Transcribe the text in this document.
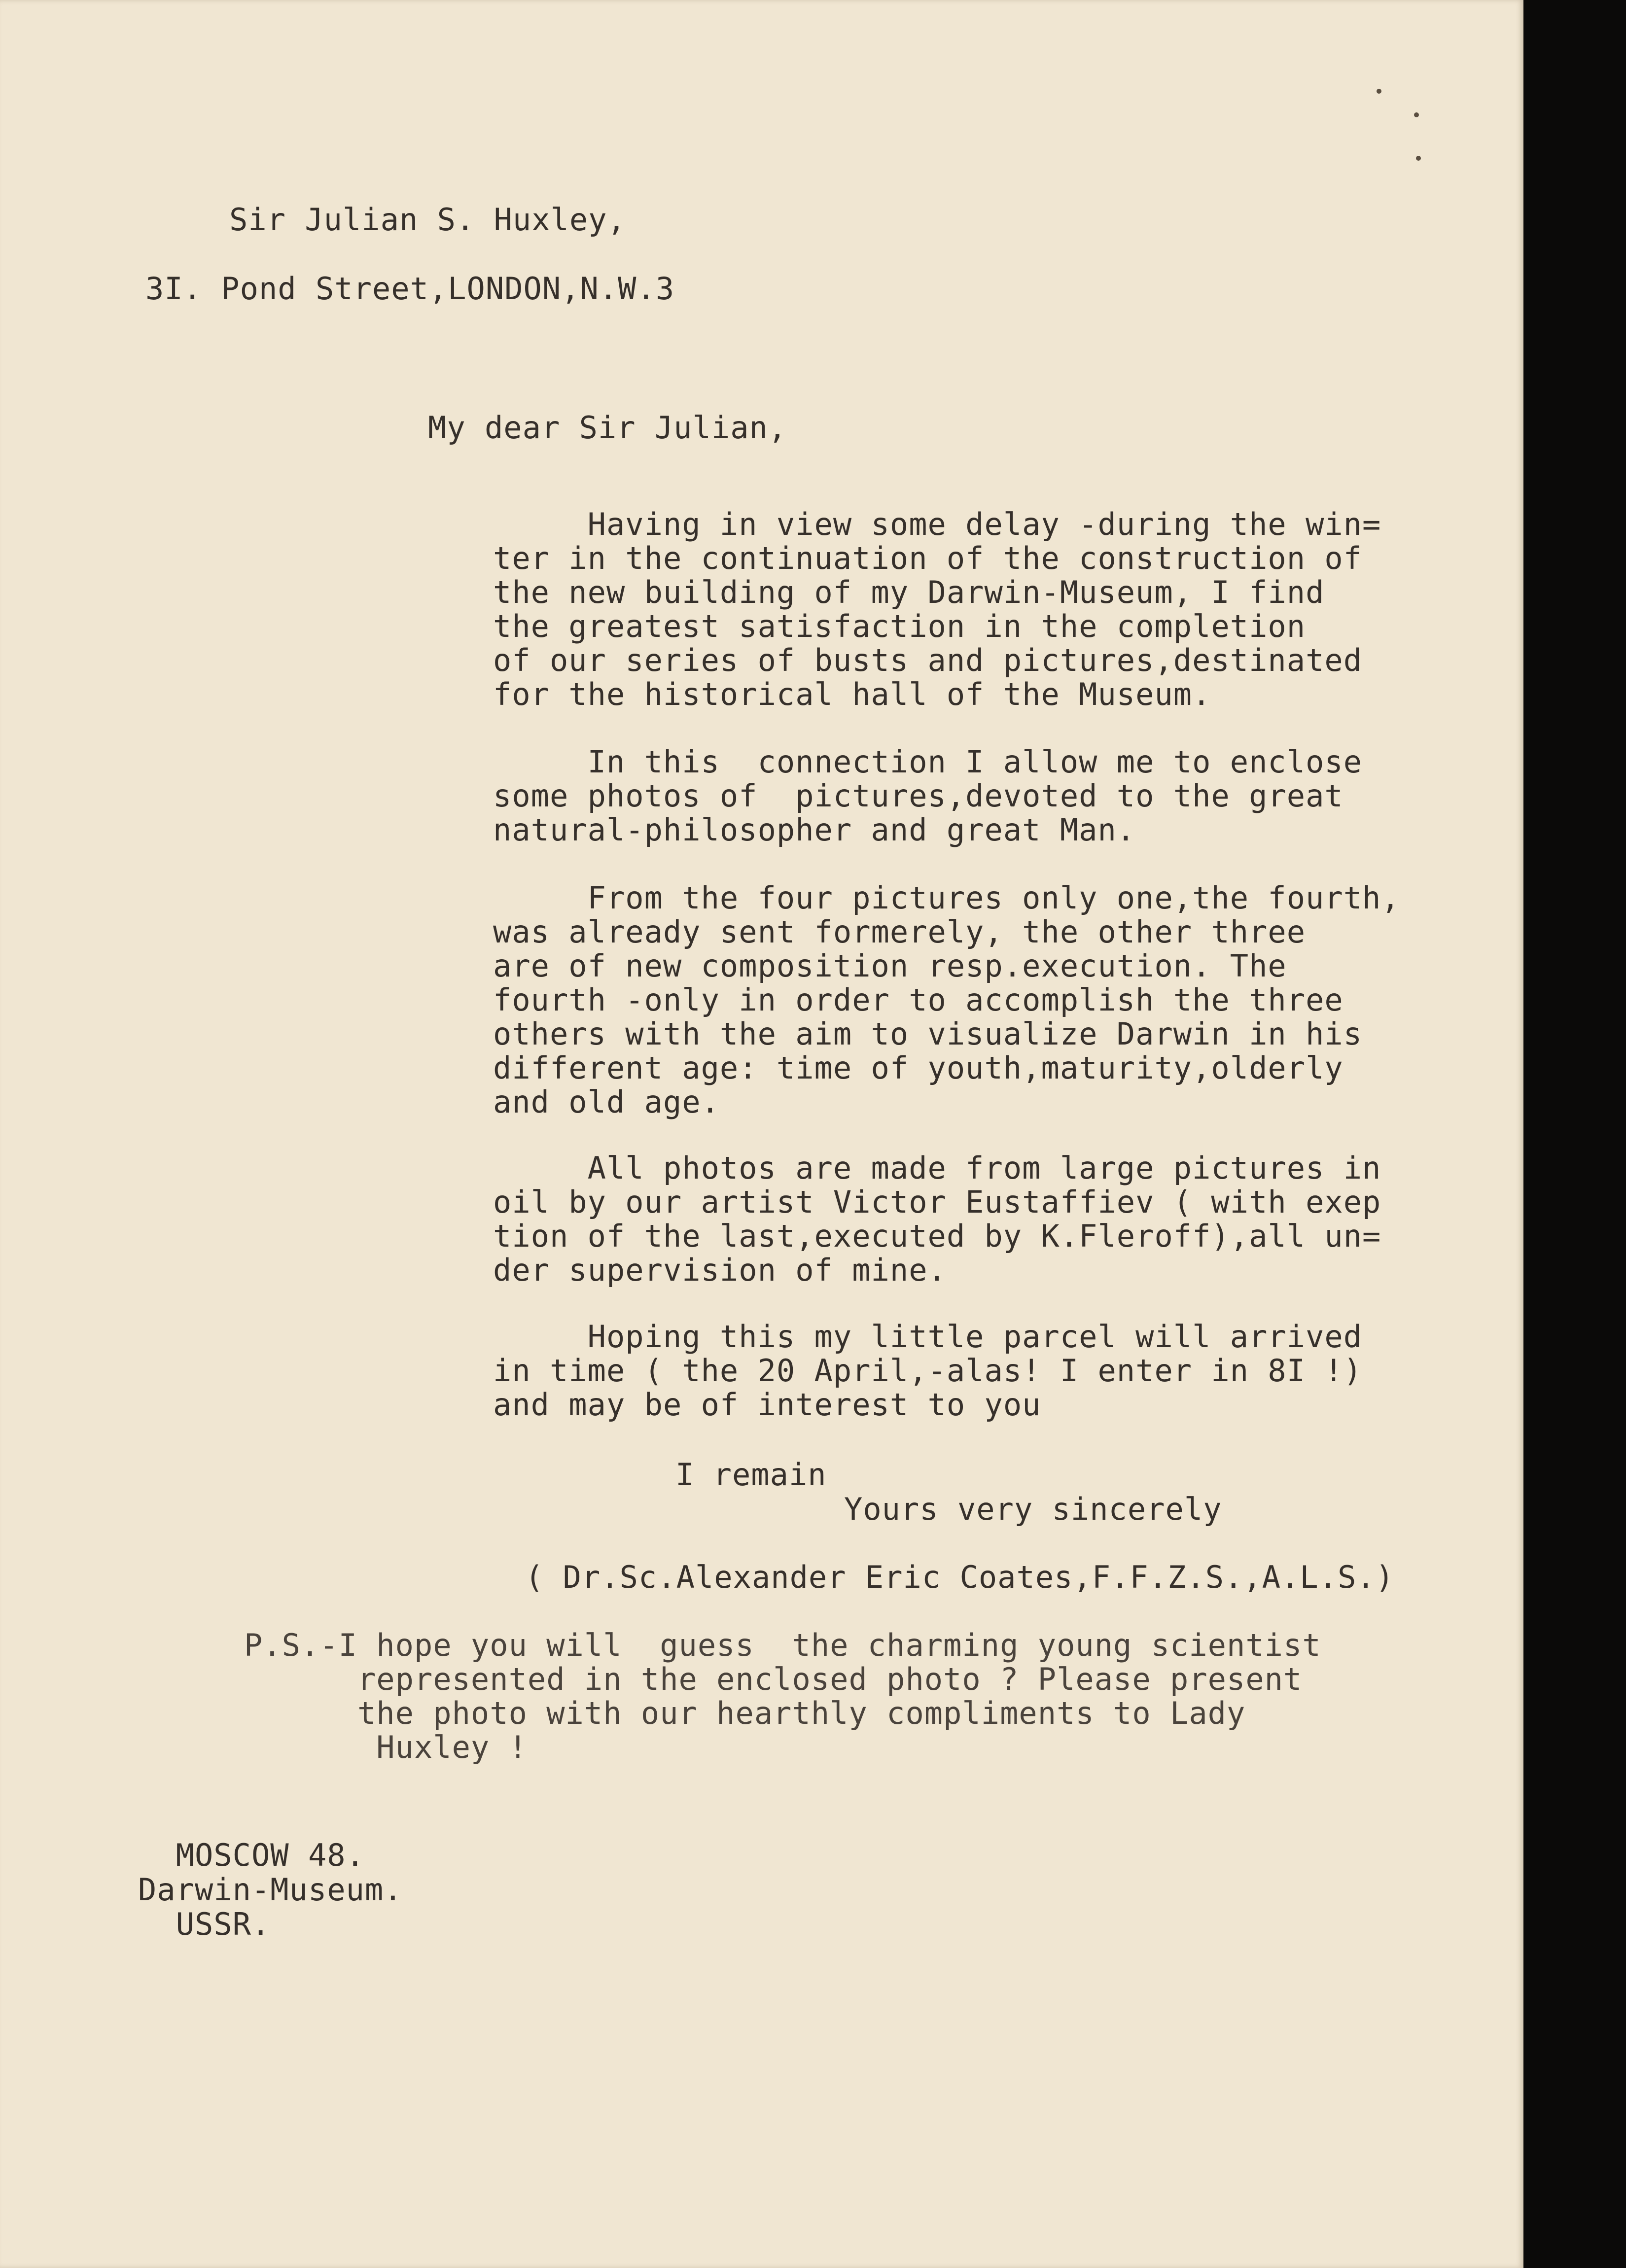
Sir Julian S. Huxley,

3I. Pond Street,LONDON,N.W.3

My dear Sir Julian,

Having in view some delay -during the win=

ter in the continuation of the construction of

the new building of my Darwin-Museum, I find

the greatest satisfaction in the completion

of our series of busts and pictures,destinated

for the historical hall of the Museum.

In this  connection I allow me to enclose

some photos of  pictures,devoted to the great

natural-philosopher and great Man.

From the four pictures only one,the fourth,

was already sent formerely, the other three

are of new composition resp.execution. The

fourth -only in order to accomplish the three

others with the aim to visualize Darwin in his

different age: time of youth,maturity,olderly

and old age.

All photos are made from large pictures in

oil by our artist Victor Eustaffiev ( with exep

tion of the last,executed by K.Fleroff),all un=

der supervision of mine.

Hoping this my little parcel will arrived

in time ( the 20 April,-alas! I enter in 8I !)

and may be of interest to you

I remain

Yours very sincerely

( Dr.Sc.Alexander Eric Coates,F.F.Z.S.,A.L.S.)

P.S.-I hope you will  guess  the charming young scientist

represented in the enclosed photo ? Please present

the photo with our hearthly compliments to Lady

Huxley !

MOSCOW 48.

Darwin-Museum.

USSR.
